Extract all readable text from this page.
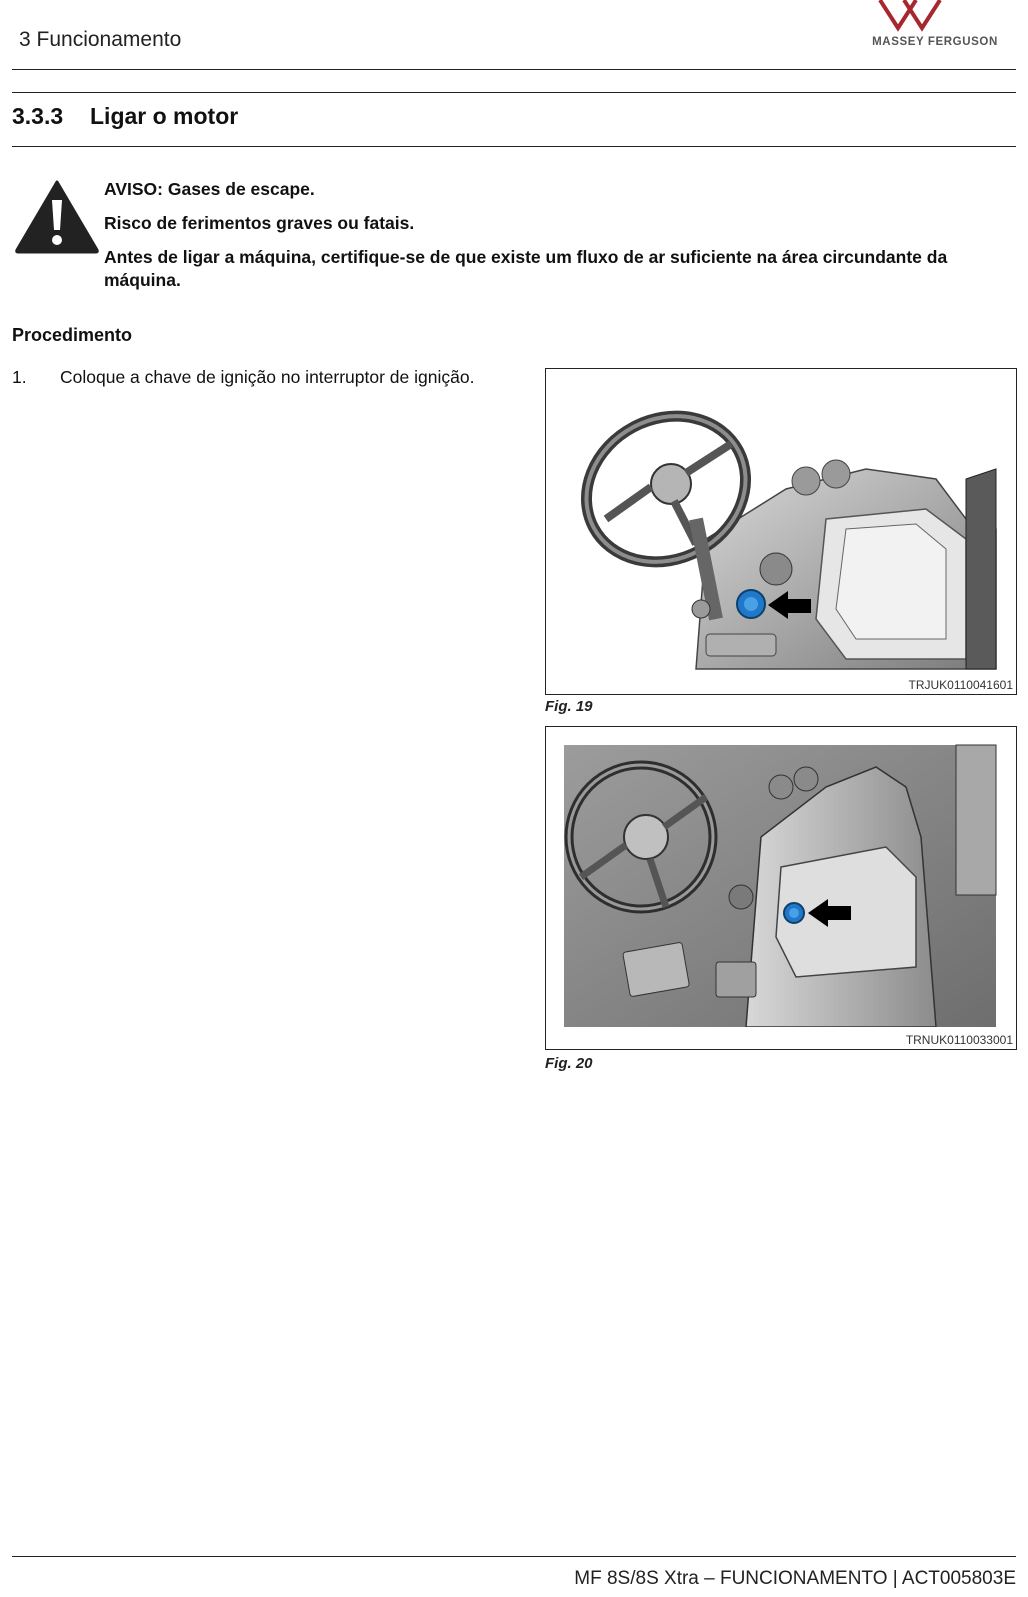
3 Funcionamento	MASSEY FERGUSON
3.3.3 Ligar o motor
AVISO: Gases de escape.
Risco de ferimentos graves ou fatais.
Antes de ligar a máquina, certifique-se de que existe um fluxo de ar suficiente na área circundante da máquina.
Procedimento
1. Coloque a chave de ignição no interruptor de ignição.
TRJUK0110041601
Fig. 19
TRNUK0110033001
Fig. 20
MF 8S/8S Xtra – FUNCIONAMENTO | ACT005803E
